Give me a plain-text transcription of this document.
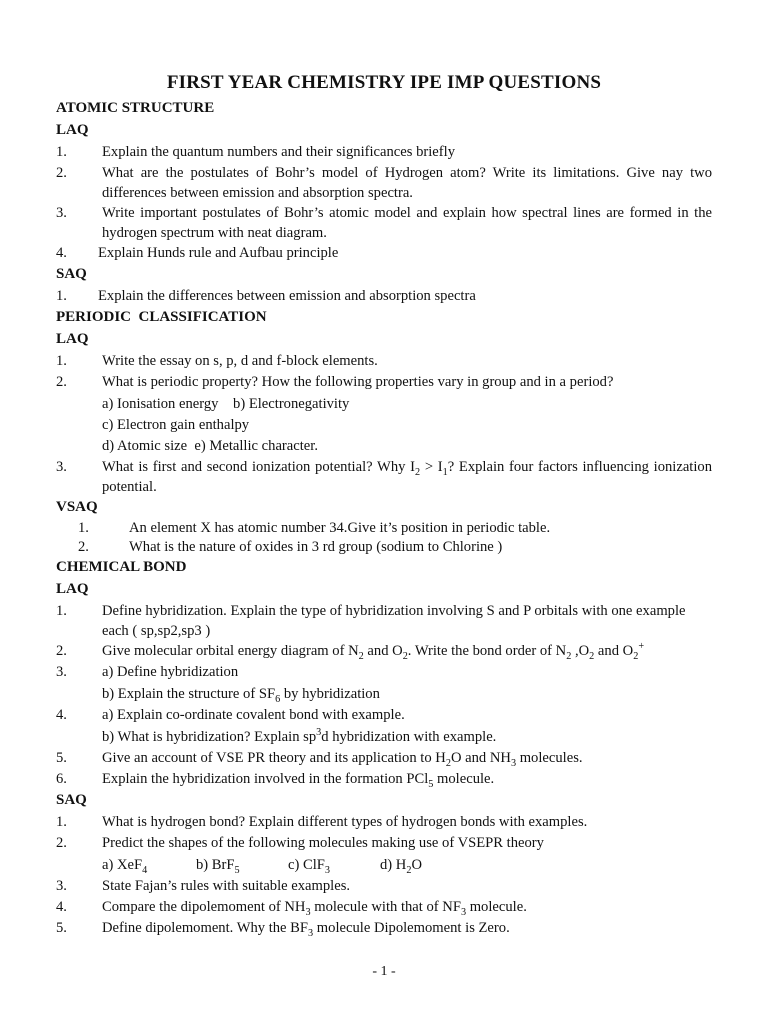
FIRST YEAR CHEMISTRY IPE IMP QUESTIONS
ATOMIC STRUCTURE
LAQ
1. Explain the quantum numbers and their significances briefly
2. What are the postulates of Bohr’s model of Hydrogen atom? Write its limitations. Give nay two differences between emission and absorption spectra.
3. Write important postulates of Bohr’s atomic model and explain how spectral lines are formed in the hydrogen spectrum with neat diagram.
4. Explain Hunds rule and Aufbau principle
SAQ
1. Explain the differences between emission and absorption spectra
PERIODIC  CLASSIFICATION
LAQ
1. Write the essay on s, p, d and f-block elements.
2. What is periodic property? How the following properties vary in group and in a period?
a) Ionisation energy    b) Electronegativity
c) Electron gain enthalpy
d) Atomic size  e) Metallic character.
3. What is first and second ionization potential? Why $I_2 > I_1$? Explain four factors influencing ionization potential.
VSAQ
1.	An element X has atomic number 34.Give it’s position in periodic table.
2.	What is the nature of oxides in 3 rd group (sodium to Chlorine )
CHEMICAL BOND
LAQ
1. Define hybridization. Explain the type of hybridization involving S and P orbitals with one example each ( sp,sp2,sp3 )
2. Give molecular orbital energy diagram of $N_2$ and $O_2$. Write the bond order of $N_2$ $,O_2$ and $O_2^+$
3. a) Define hybridization
b) Explain the structure of $SF_6$ by hybridization
4. a) Explain co-ordinate covalent bond with example.
b) What is hybridization? Explain $sp^3d$ hybridization with example.
5. Give an account of VSE PR theory and its application to $H_2O$ and $NH_3$ molecules.
6. Explain the hybridization involved in the formation PCl$_5$ molecule.
SAQ
1. What is hydrogen bond? Explain different types of hydrogen bonds with examples.
2. Predict the shapes of the following molecules making use of VSEPR theory
a) XeF$_4$	b) BrF$_5$	c) ClF$_3$	d) $H_2O$
3. State Fajan’s rules with suitable examples.
4. Compare the dipolemoment of $NH_3$ molecule with that of $NF_3$ molecule.
5. Define dipolemoment. Why the $BF_3$ molecule Dipolemoment is Zero.
- 1 -
